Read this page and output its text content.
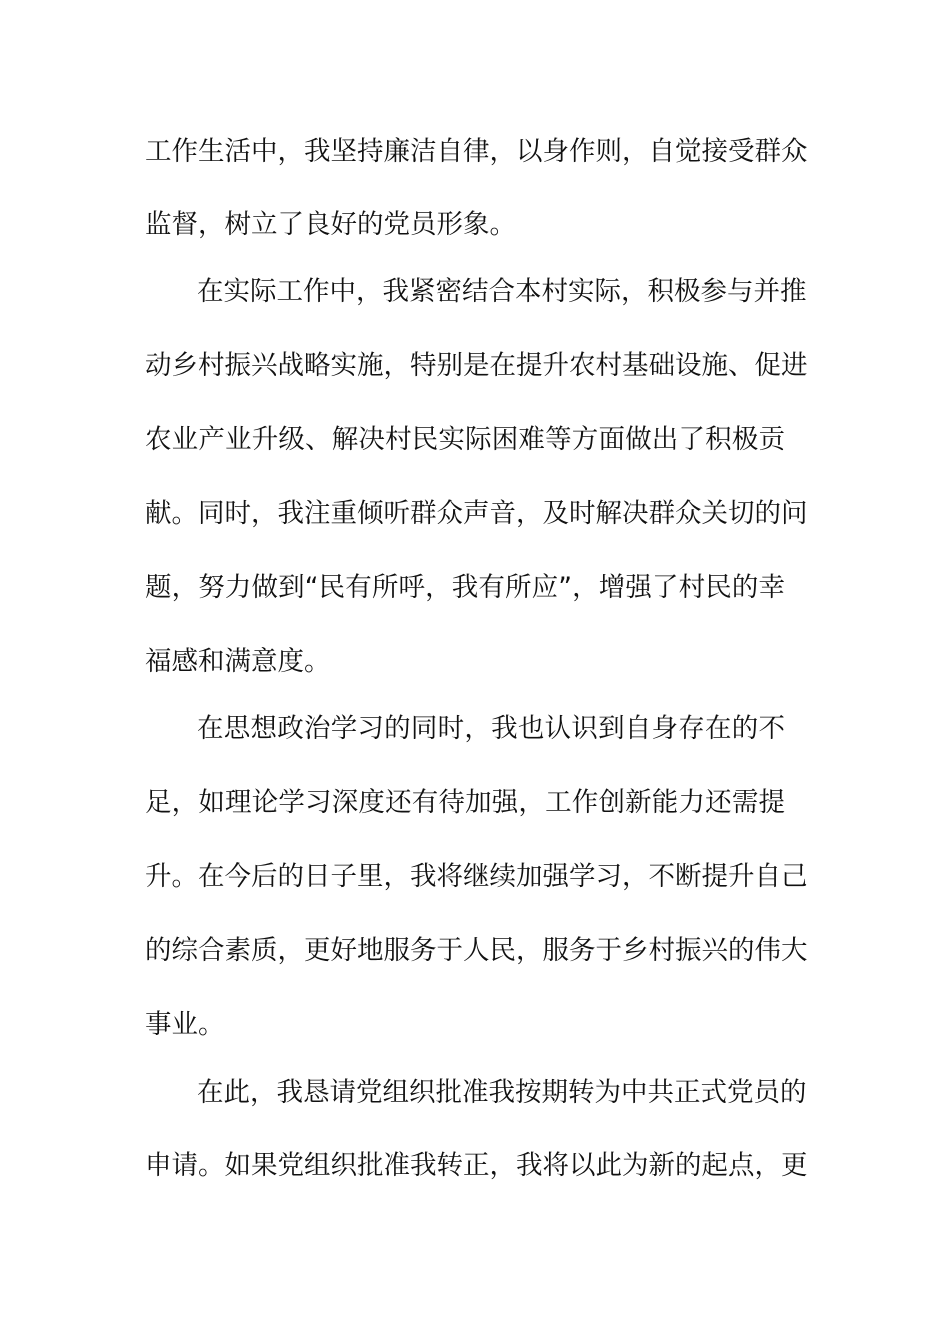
工作生活中，我坚持廉洁自律，以身作则，自觉接受群众
监督，树立了良好的党员形象。
在实际工作中，我紧密结合本村实际，积极参与并推
动乡村振兴战略实施，特别是在提升农村基础设施、促进
农业产业升级、解决村民实际困难等方面做出了积极贡
献。同时，我注重倾听群众声音，及时解决群众关切的问
题，努力做到“民有所呼，我有所应”，增强了村民的幸
福感和满意度。
在思想政治学习的同时，我也认识到自身存在的不
足，如理论学习深度还有待加强，工作创新能力还需提
升。在今后的日子里，我将继续加强学习，不断提升自己
的综合素质，更好地服务于人民，服务于乡村振兴的伟大
事业。
在此，我恳请党组织批准我按期转为中共正式党员的
申请。如果党组织批准我转正，我将以此为新的起点，更
